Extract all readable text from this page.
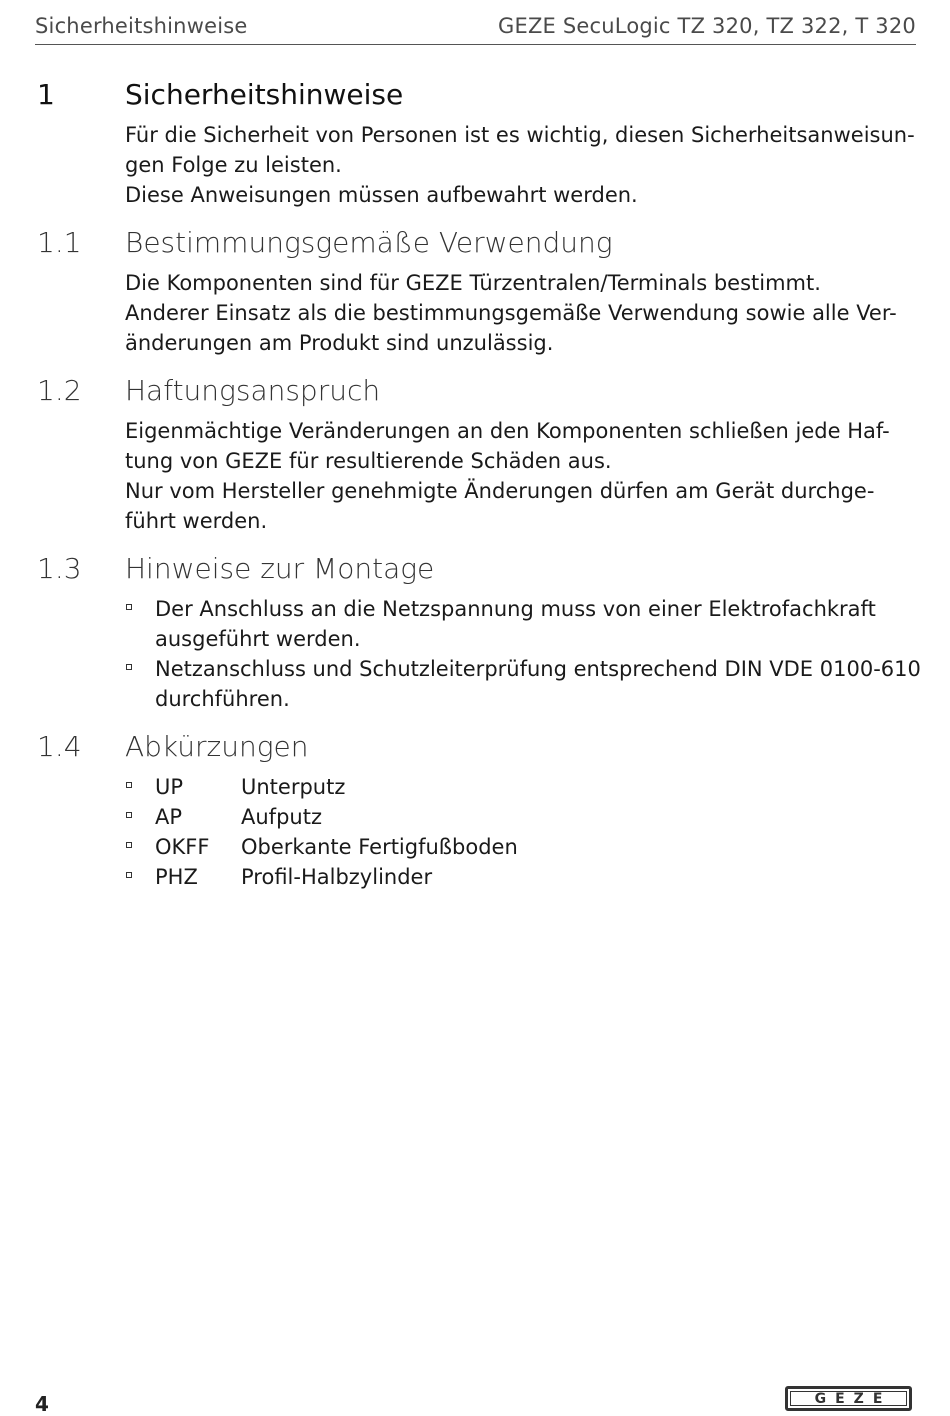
Sicherheitshinweise	GEZE SecuLogic TZ 320, TZ 322, T 320
1	Sicherheitshinweise

Für die Sicherheit von Personen ist es wichtig, diesen Sicherheitsanweisun-

gen Folge zu leisten.

Diese Anweisungen müssen aufbewahrt werden.

1.1 Bestimmungsgemäße Verwendung

Die Komponenten sind für GEZE Türzentralen/Terminals bestimmt.

Anderer Einsatz als die bestimmungsgemäße Verwendung sowie alle Ver-

änderungen am Produkt sind unzulässig.

1.2 Haftungsanspruch

Eigenmächtige Veränderungen an den Komponenten schließen jede Haf-

tung von GEZE für resultierende Schäden aus.

Nur vom Hersteller genehmigte Änderungen dürfen am Gerät durchge-

führt werden.

1.3 Hinweise zur Montage
Der Anschluss an die Netzspannung muss von einer Elektrofachkraft
ausgeführt werden.
Netzanschluss und Schutzleiterprüfung entsprechend DIN VDE 0100-610
durchführen.
1.4 Abkürzungen
UP	Unterputz
AP	Aufputz
OKFF Oberkante Fertigfußboden
PHZ Profil-Halbzylinder
4	GEZE
